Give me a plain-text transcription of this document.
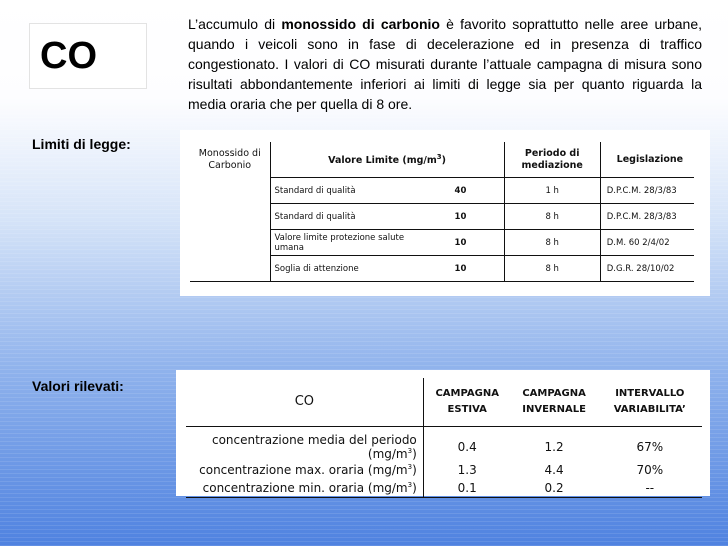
CO

L’accumulo di monossido di carbonio è favorito soprattutto nelle aree urbane, quando i veicoli sono in fase di decelerazione ed in presenza di traffico congestionato. I valori di CO misurati durante l’attuale campagna di misura sono risultati abbondantemente inferiori ai limiti di legge sia per quanto riguarda la media oraria che per quella di 8 ore.

Limiti di legge:
Monossido di Carbonio	Valore Limite $(mg/m^3)$		Periodo di mediazione	Legislazione
	Standard di qualità	40	1 h	D.P.C.M. 28/3/83
	Standard di qualità	10	8 h	D.P.C.M. 28/3/83
	Valore limite protezione salute umana	10	8 h	D.M. 60 2/4/02
	Soglia di attenzione	10	8 h	D.G.R. 28/10/02
Valori rilevati:
CO	CAMPAGNA ESTIVA	CAMPAGNA INVERNALE	INTERVALLO VARIABILITA’
concentrazione media del periodo $(mg/m^3)$	0.4	1.2	67%
concentrazione max. oraria $(mg/m^3)$	1.3	4.4	70%
concentrazione min. oraria $(mg/m^3)$	0.1	0.2	--
